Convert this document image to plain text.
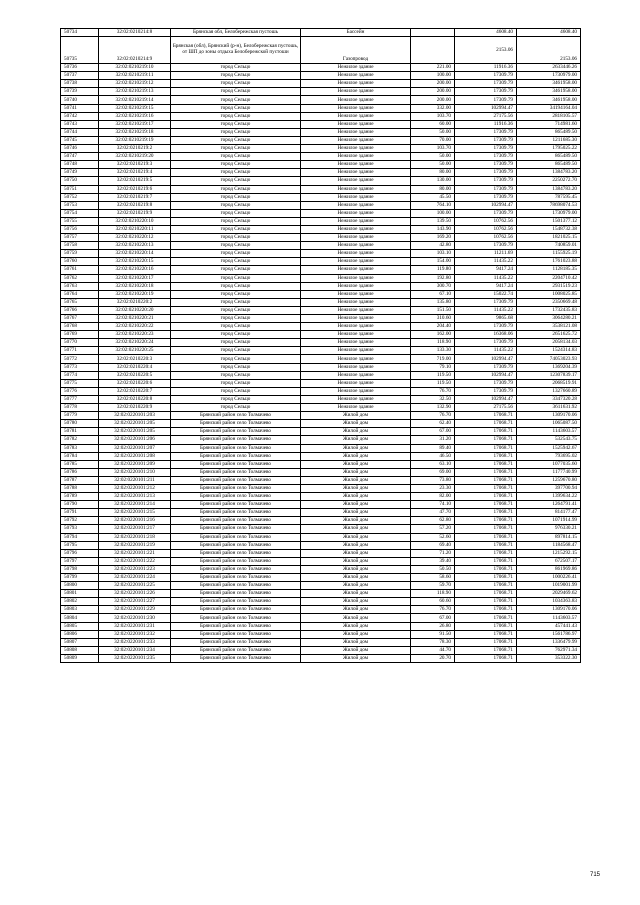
50734	32:02:0210214:8	Брянская обл, Белобережская пустошь	Бассейн		4608.40	4608.40
50735	32:02:0210214:9	Брянская (обл), Брянский (р-н), Белобережская пустошь, от ШП до зоны отдыха Белобережской пустоши	Газопровод		2153.06	2153.06
50736	32:02:0210219:10	город Сельцо	Нежилое здание	221.00	11916.36	2633446.26
50737	32:02:0210219:11	город Сельцо	Нежилое здание	100.00	17309.79	1730979.00
50738	32:02:0210219:12	город Сельцо	Нежилое здание	200.00	17309.79	3461958.00
50739	32:02:0210219:13	город Сельцо	Нежилое здание	200.00	17309.79	3461958.00
50740	32:02:0210219:14	город Сельцо	Нежилое здание	200.00	17309.79	3461958.00
50741	32:02:0210219:15	город Сельцо	Нежилое здание	332.00	102994.47	34194164.04
50742	32:02:0210219:16	город Сельцо	Нежилое здание	103.70	27175.56	2818105.57
50743	32:02:0210219:17	город Сельцо	Нежилое здание	60.00	11916.36	714981.60
50744	32:02:0210219:18	город Сельцо	Нежилое здание	50.00	17309.79	865489.50
50745	32:02:0210219:19	город Сельцо	Нежилое здание	70.00	17309.79	1211685.30
50746	32:02:0210219:2	город Сельцо	Нежилое здание	103.70	17309.79	1795025.22
50747	32:02:0210219:20	город Сельцо	Нежилое здание	50.00	17309.79	865489.50
50748	32:02:0210219:3	город Сельцо	Нежилое здание	50.00	17309.79	865489.50
50749	32:02:0210219:4	город Сельцо	Нежилое здание	80.00	17309.79	1384783.20
50750	32:02:0210219:5	город Сельцо	Нежилое здание	130.00	17309.79	2250272.70
50751	32:02:0210219:6	город Сельцо	Нежилое здание	80.00	17309.79	1384783.20
50752	32:02:0210219:7	город Сельцо	Нежилое здание	45.50	17309.79	787595.45
50753	32:02:0210219:8	город Сельцо	Нежилое здание	764.10	102994.47	78698074.53
50754	32:02:0210219:9	город Сельцо	Нежилое здание	100.00	17309.79	1730979.00
50755	32:02:0210220:10	город Сельцо	Нежилое здание	139.50	10762.56	1501377.12
50756	32:02:0210220:11	город Сельцо	Нежилое здание	143.90	10762.56	1548732.38
50757	32:02:0210220:12	город Сельцо	Нежилое здание	169.20	10762.56	1821025.15
50758	32:02:0210220:13	город Сельцо	Нежилое здание	42.80	17309.79	740859.01
50759	32:02:0210220:14	город Сельцо	Нежилое здание	103.10	11211.69	1155925.19
50760	32:02:0210220:15	город Сельцо	Нежилое здание	154.00	11435.22	1761023.88
50761	32:02:0210220:16	город Сельцо	Нежилое здание	119.80	9417.24	1128185.35
50762	32:02:0210220:17	город Сельцо	Нежилое здание	192.80	11435.22	2204710.42
50763	32:02:0210220:18	город Сельцо	Нежилое здание	300.70	9417.24	2931519.23
50764	32:02:0210220:19	город Сельцо	Нежилое здание	67.10	15022.74	1008025.85
50765	32:02:0210220:2	город Сельцо	Нежилое здание	135.80	17309.79	2350669.48
50766	32:02:0210220:20	город Сельцо	Нежилое здание	151.50	11435.22	1732435.83
50767	32:02:0210220:21	город Сельцо	Нежилое здание	310.60	9865.68	3064280.21
50768	32:02:0210220:22	город Сельцо	Нежилое здание	204.40	17309.79	3538121.08
50769	32:02:0210220:23	город Сельцо	Нежилое здание	162.00	16368.06	2651625.72
50770	32:02:0210220:24	город Сельцо	Нежилое здание	118.90	17309.79	2058134.03
50771	32:02:0210220:25	город Сельцо	Нежилое здание	133.30	11435.22	1524314.83
50772	32:02:0210220:3	город Сельцо	Нежилое здание	719.00	102994.47	74053023.93
50773	32:02:0210220:4	город Сельцо	Нежилое здание	79.10	17309.79	1369204.39
50774	32:02:0210220:5	город Сельцо	Нежилое здание	119.50	102994.47	12307839.17
50775	32:02:0210220:6	город Сельцо	Нежилое здание	119.50	17309.79	2068519.91
50776	32:02:0210220:7	город Сельцо	Нежилое здание	76.70	17309.79	1327660.89
50777	32:02:0210220:8	город Сельцо	Нежилое здание	32.50	102994.47	3347320.28
50778	32:02:0210220:9	город Сельцо	Нежилое здание	132.90	27175.56	3611631.92
50779	32:02:0220101:203	Брянский район село Толмачево	Жилой дом	76.70	17068.71	1309170.06
50780	32:02:0220101:205	Брянский район село Толмачево	Жилой дом	62.40	17068.71	1065087.50
50781	32:02:0220101:205	Брянский район село Толмачево	Жилой дом	67.00	17068.71	1143603.57
50782	32:02:0220101:206	Брянский район село Толмачево	Жилой дом	31.20	17068.71	532543.75
50783	32:02:0220101:207	Брянский район село Толмачево	Жилой дом	89.40	17068.71	1525942.67
50784	32:02:0220101:208	Брянский район село Толмачево	Жилой дом	46.50	17068.71	793695.02
50785	32:02:0220101:209	Брянский район село Толмачево	Жилой дом	63.10	17068.71	1077035.60
50786	32:02:0220101:210	Брянский район село Толмачево	Жилой дом	69.00	17068.71	1177740.99
50787	32:02:0220101:211	Брянский район село Толмачево	Жилой дом	73.80	17068.71	1259670.80
50788	32:02:0220101:212	Брянский район село Толмачево	Жилой дом	23.30	17068.71	397700.94
50789	32:02:0220101:213	Брянский район село Толмачево	Жилой дом	82.00	17068.71	1399634.22
50790	32:02:0220101:214	Брянский район село Толмачево	Жилой дом	74.10	17068.71	1264791.41
50791	32:02:0220101:215	Брянский район село Толмачево	Жилой дом	47.70	17068.71	814177.47
50792	32:02:0220101:216	Брянский район село Толмачево	Жилой дом	62.80	17068.71	1071914.99
50793	32:02:0220101:217	Брянский район село Толмачево	Жилой дом	57.20	17068.71	976330.21
50794	32:02:0220101:218	Брянский район село Толмачево	Жилой дом	52.60	17068.71	897814.15
50795	32:02:0220101:219	Брянский район село Толмачево	Жилой дом	69.40	17068.71	1184568.47
50796	32:02:0220101:221	Брянский район село Толмачево	Жилой дом	71.20	17068.71	1215292.15
50797	32:02:0220101:222	Брянский район село Толмачево	Жилой дом	39.40	17068.71	672507.17
50798	32:02:0220101:223	Брянский район село Толмачево	Жилой дом	50.50	17068.71	861969.86
50799	32:02:0220101:224	Брянский район село Толмачево	Жилой дом	58.60	17068.71	1000226.41
50800	32:02:0220101:225	Брянский район село Толмачево	Жилой дом	59.70	17068.71	1019001.99
50801	32:02:0220101:226	Брянский район село Толмачево	Жилой дом	118.90	17068.71	2029469.62
50802	32:02:0220101:227	Брянский район село Толмачево	Жилой дом	60.60	17068.71	1034363.83
50803	32:02:0220101:229	Брянский район село Толмачево	Жилой дом	76.70	17068.71	1309170.06
50804	32:02:0220101:230	Брянский район село Толмачево	Жилой дом	67.00	17068.71	1143603.57
50805	32:02:0220101:231	Брянский район село Толмачево	Жилой дом	26.80	17068.71	457441.43
50806	32:02:0220101:232	Брянский район село Толмачево	Жилой дом	91.50	17068.71	1561786.97
50807	32:02:0220101:233	Брянский район село Толмачево	Жилой дом	78.30	17068.71	1336479.99
50808	32:02:0220101:234	Брянский район село Толмачево	Жилой дом	44.70	17068.71	762971.34
50809	32:02:0220101:235	Брянский район село Толмачево	Жилой дом	20.70	17068.71	353322.30
715
